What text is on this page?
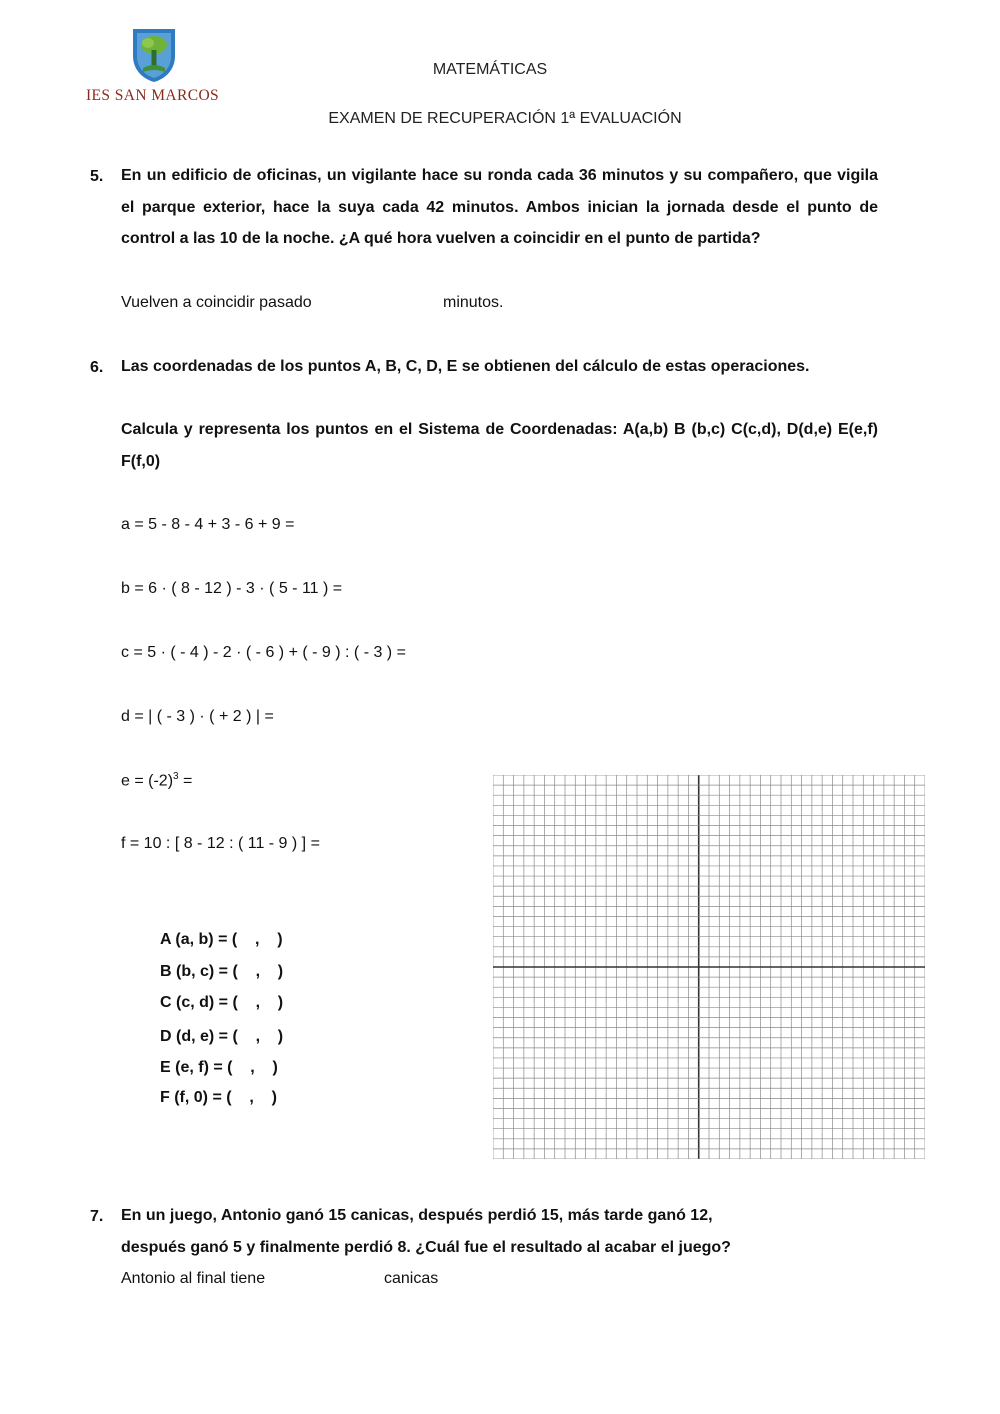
IES SAN MARCOS
MATEMÁTICAS
EXAMEN DE RECUPERACIÓN 1ª EVALUACIÓN
5. En un edificio de oficinas, un vigilante hace su ronda cada 36 minutos y su compañero, que vigila el parque exterior, hace la suya cada 42 minutos. Ambos inician la jornada desde el punto de control a las 10 de la noche. ¿A qué hora vuelven a coincidir en el punto de partida?
Vuelven a coincidir pasado	minutos.
6. Las coordenadas de los puntos A, B, C, D, E se obtienen del cálculo de estas operaciones.
Calcula y representa los puntos en el Sistema de Coordenadas: A(a,b) B (b,c) C(c,d), D(d,e) E(e,f) F(f,0)
a = 5 - 8 - 4 + 3 - 6 + 9 =
b = 6 · ( 8 - 12 ) - 3 · ( 5 - 11 ) =
c = 5 · ( - 4 ) - 2 · ( - 6 ) + ( - 9 ) : ( - 3 ) =
d = | ( - 3 ) · ( + 2 ) | =
$e = (-2)^3$ =
f = 10 : [ 8 - 12 : ( 11 - 9 ) ] =
A (a, b) = (    ,    )
B (b, c) = (    ,    )
C (c, d) = (    ,    )
D (d, e) = (    ,    )
E (e, f) = (    ,    )
F (f, 0) = (    ,    )
7. En un juego, Antonio ganó 15 canicas, después perdió 15, más tarde ganó 12,
después ganó 5 y finalmente perdió 8. ¿Cuál fue el resultado al acabar el juego?
Antonio al final tiene	canicas
